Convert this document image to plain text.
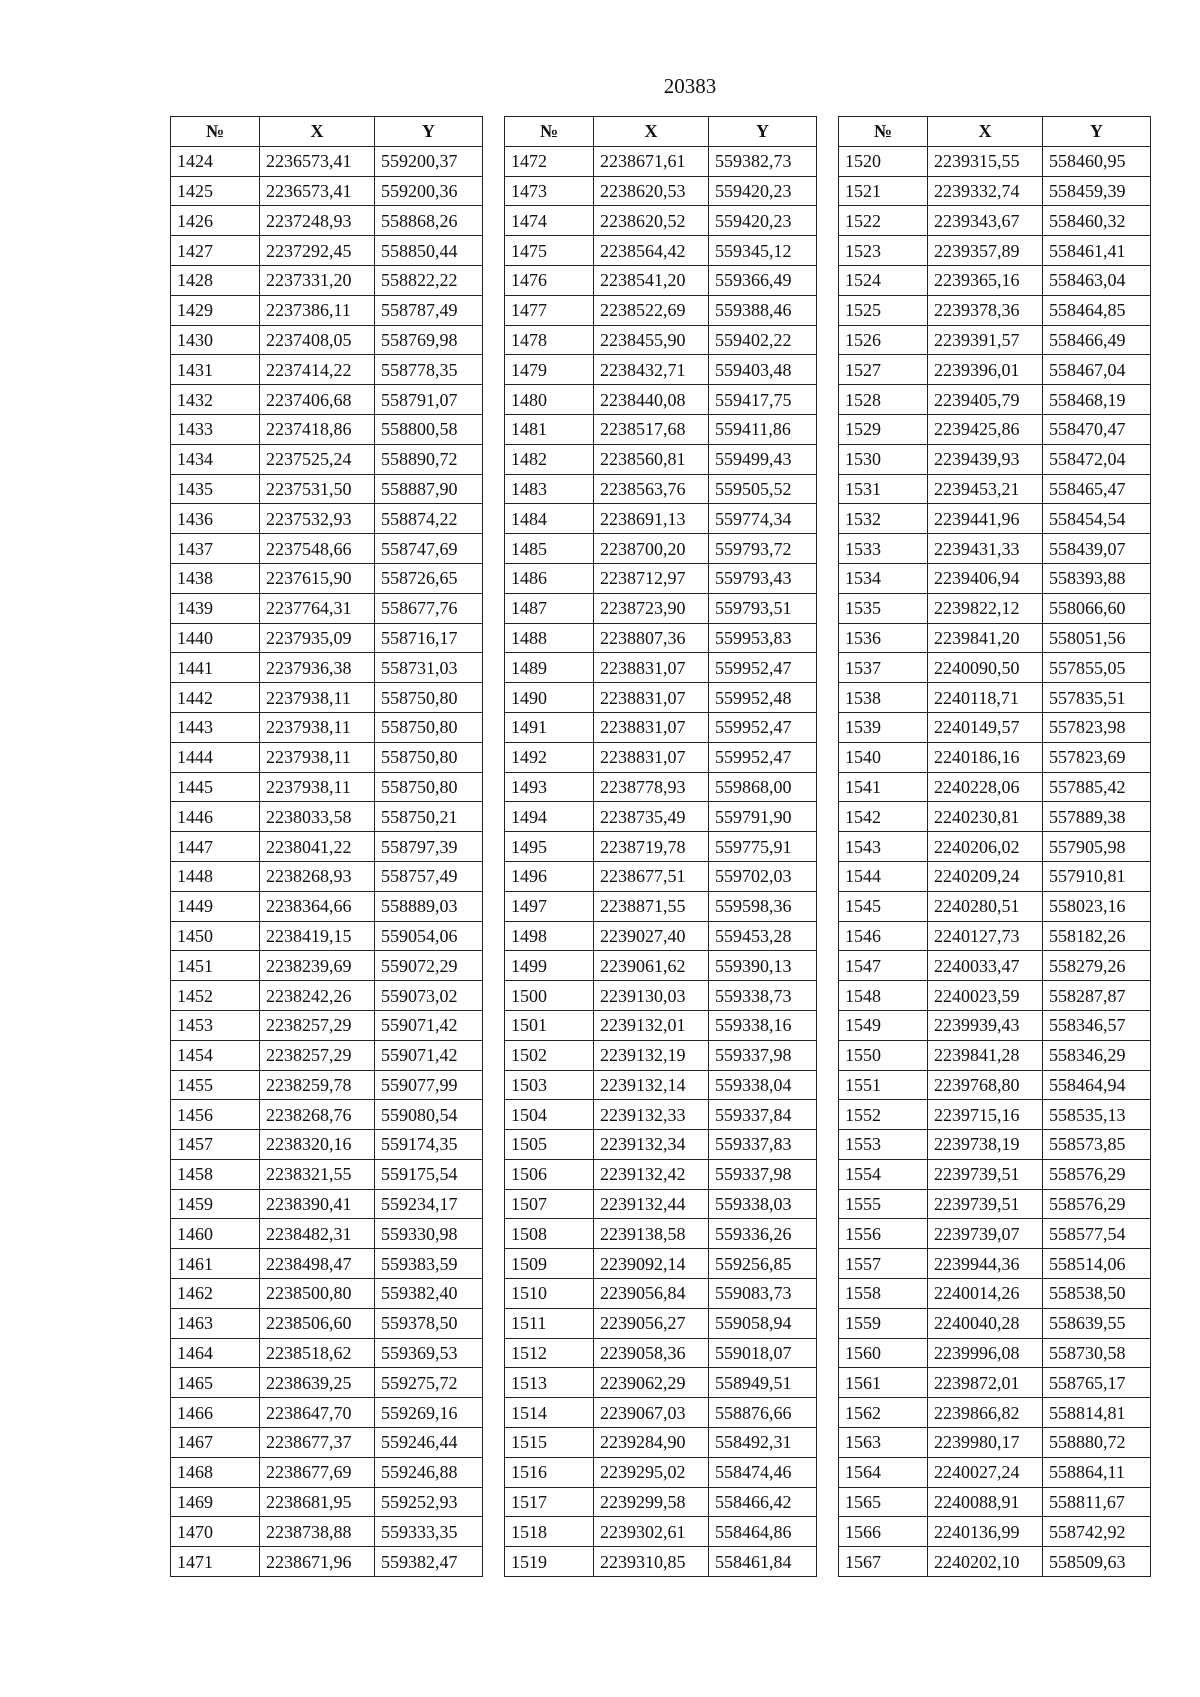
20383
№	X	Y
1424	2236573,41	559200,37
1425	2236573,41	559200,36
1426	2237248,93	558868,26
1427	2237292,45	558850,44
1428	2237331,20	558822,22
1429	2237386,11	558787,49
1430	2237408,05	558769,98
1431	2237414,22	558778,35
1432	2237406,68	558791,07
1433	2237418,86	558800,58
1434	2237525,24	558890,72
1435	2237531,50	558887,90
1436	2237532,93	558874,22
1437	2237548,66	558747,69
1438	2237615,90	558726,65
1439	2237764,31	558677,76
1440	2237935,09	558716,17
1441	2237936,38	558731,03
1442	2237938,11	558750,80
1443	2237938,11	558750,80
1444	2237938,11	558750,80
1445	2237938,11	558750,80
1446	2238033,58	558750,21
1447	2238041,22	558797,39
1448	2238268,93	558757,49
1449	2238364,66	558889,03
1450	2238419,15	559054,06
1451	2238239,69	559072,29
1452	2238242,26	559073,02
1453	2238257,29	559071,42
1454	2238257,29	559071,42
1455	2238259,78	559077,99
1456	2238268,76	559080,54
1457	2238320,16	559174,35
1458	2238321,55	559175,54
1459	2238390,41	559234,17
1460	2238482,31	559330,98
1461	2238498,47	559383,59
1462	2238500,80	559382,40
1463	2238506,60	559378,50
1464	2238518,62	559369,53
1465	2238639,25	559275,72
1466	2238647,70	559269,16
1467	2238677,37	559246,44
1468	2238677,69	559246,88
1469	2238681,95	559252,93
1470	2238738,88	559333,35
1471	2238671,96	559382,47
№	X	Y
1472	2238671,61	559382,73
1473	2238620,53	559420,23
1474	2238620,52	559420,23
1475	2238564,42	559345,12
1476	2238541,20	559366,49
1477	2238522,69	559388,46
1478	2238455,90	559402,22
1479	2238432,71	559403,48
1480	2238440,08	559417,75
1481	2238517,68	559411,86
1482	2238560,81	559499,43
1483	2238563,76	559505,52
1484	2238691,13	559774,34
1485	2238700,20	559793,72
1486	2238712,97	559793,43
1487	2238723,90	559793,51
1488	2238807,36	559953,83
1489	2238831,07	559952,47
1490	2238831,07	559952,48
1491	2238831,07	559952,47
1492	2238831,07	559952,47
1493	2238778,93	559868,00
1494	2238735,49	559791,90
1495	2238719,78	559775,91
1496	2238677,51	559702,03
1497	2238871,55	559598,36
1498	2239027,40	559453,28
1499	2239061,62	559390,13
1500	2239130,03	559338,73
1501	2239132,01	559338,16
1502	2239132,19	559337,98
1503	2239132,14	559338,04
1504	2239132,33	559337,84
1505	2239132,34	559337,83
1506	2239132,42	559337,98
1507	2239132,44	559338,03
1508	2239138,58	559336,26
1509	2239092,14	559256,85
1510	2239056,84	559083,73
1511	2239056,27	559058,94
1512	2239058,36	559018,07
1513	2239062,29	558949,51
1514	2239067,03	558876,66
1515	2239284,90	558492,31
1516	2239295,02	558474,46
1517	2239299,58	558466,42
1518	2239302,61	558464,86
1519	2239310,85	558461,84
№	X	Y
1520	2239315,55	558460,95
1521	2239332,74	558459,39
1522	2239343,67	558460,32
1523	2239357,89	558461,41
1524	2239365,16	558463,04
1525	2239378,36	558464,85
1526	2239391,57	558466,49
1527	2239396,01	558467,04
1528	2239405,79	558468,19
1529	2239425,86	558470,47
1530	2239439,93	558472,04
1531	2239453,21	558465,47
1532	2239441,96	558454,54
1533	2239431,33	558439,07
1534	2239406,94	558393,88
1535	2239822,12	558066,60
1536	2239841,20	558051,56
1537	2240090,50	557855,05
1538	2240118,71	557835,51
1539	2240149,57	557823,98
1540	2240186,16	557823,69
1541	2240228,06	557885,42
1542	2240230,81	557889,38
1543	2240206,02	557905,98
1544	2240209,24	557910,81
1545	2240280,51	558023,16
1546	2240127,73	558182,26
1547	2240033,47	558279,26
1548	2240023,59	558287,87
1549	2239939,43	558346,57
1550	2239841,28	558346,29
1551	2239768,80	558464,94
1552	2239715,16	558535,13
1553	2239738,19	558573,85
1554	2239739,51	558576,29
1555	2239739,51	558576,29
1556	2239739,07	558577,54
1557	2239944,36	558514,06
1558	2240014,26	558538,50
1559	2240040,28	558639,55
1560	2239996,08	558730,58
1561	2239872,01	558765,17
1562	2239866,82	558814,81
1563	2239980,17	558880,72
1564	2240027,24	558864,11
1565	2240088,91	558811,67
1566	2240136,99	558742,92
1567	2240202,10	558509,63
